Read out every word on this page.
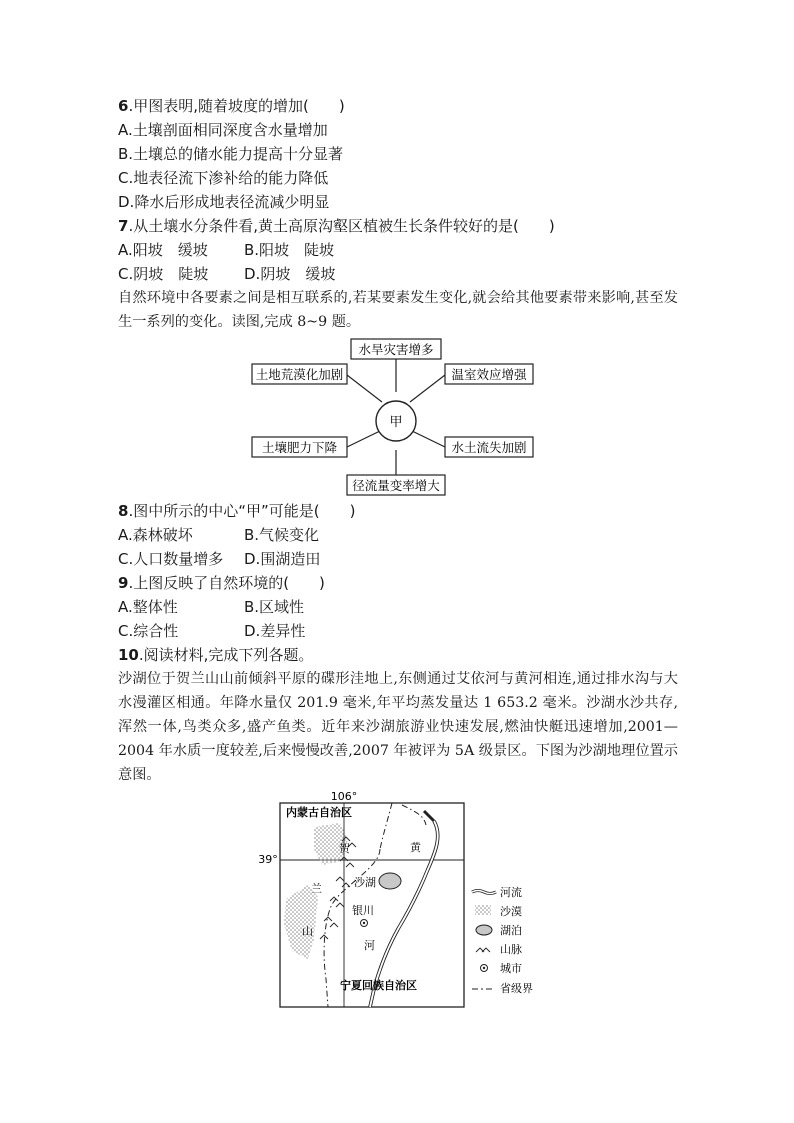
6.甲图表明,随着坡度的增加(　　)
A.土壤剖面相同深度含水量增加
B.土壤总的储水能力提高十分显著
C.地表径流下渗补给的能力降低
D.降水后形成地表径流减少明显
7.从土壤水分条件看,黄土高原沟壑区植被生长条件较好的是(　　)
A.阳坡　缓坡	B.阳坡　陡坡
C.阴坡　陡坡	D.阴坡　缓坡
自然环境中各要素之间是相互联系的,若某要素发生变化,就会给其他要素带来影响,甚至发生一系列的变化。读图,完成 8~9 题。
甲
水旱灾害增多
土地荒漠化加剧	温室效应增强
土壤肥力下降	水土流失加剧
径流量变率增大
8.图中所示的中心“甲”可能是(　　)
A.森林破坏	B.气候变化
C.人口数量增多	D.围湖造田
9.上图反映了自然环境的(　　)
A.整体性	B.区域性
C.综合性	D.差异性
10.阅读材料,完成下列各题。
沙湖位于贺兰山山前倾斜平原的碟形洼地上,东侧通过艾依河与黄河相连,通过排水沟与大水漫灌区相通。年降水量仅 201.9 毫米,年平均蒸发量达 1 653.2 毫米。沙湖水沙共存,浑然一体,鸟类众多,盛产鱼类。近年来沙湖旅游业快速发展,燃油快艇迅速增加,2001—2004 年水质一度较差,后来慢慢改善,2007 年被评为 5A 级景区。下图为沙湖地理位置示意图。
106°
39°
内蒙古自治区
贺
兰
山
黄
河
沙湖
银川
宁夏回族自治区
河流
沙漠
湖泊
山脉
城市
省级界
